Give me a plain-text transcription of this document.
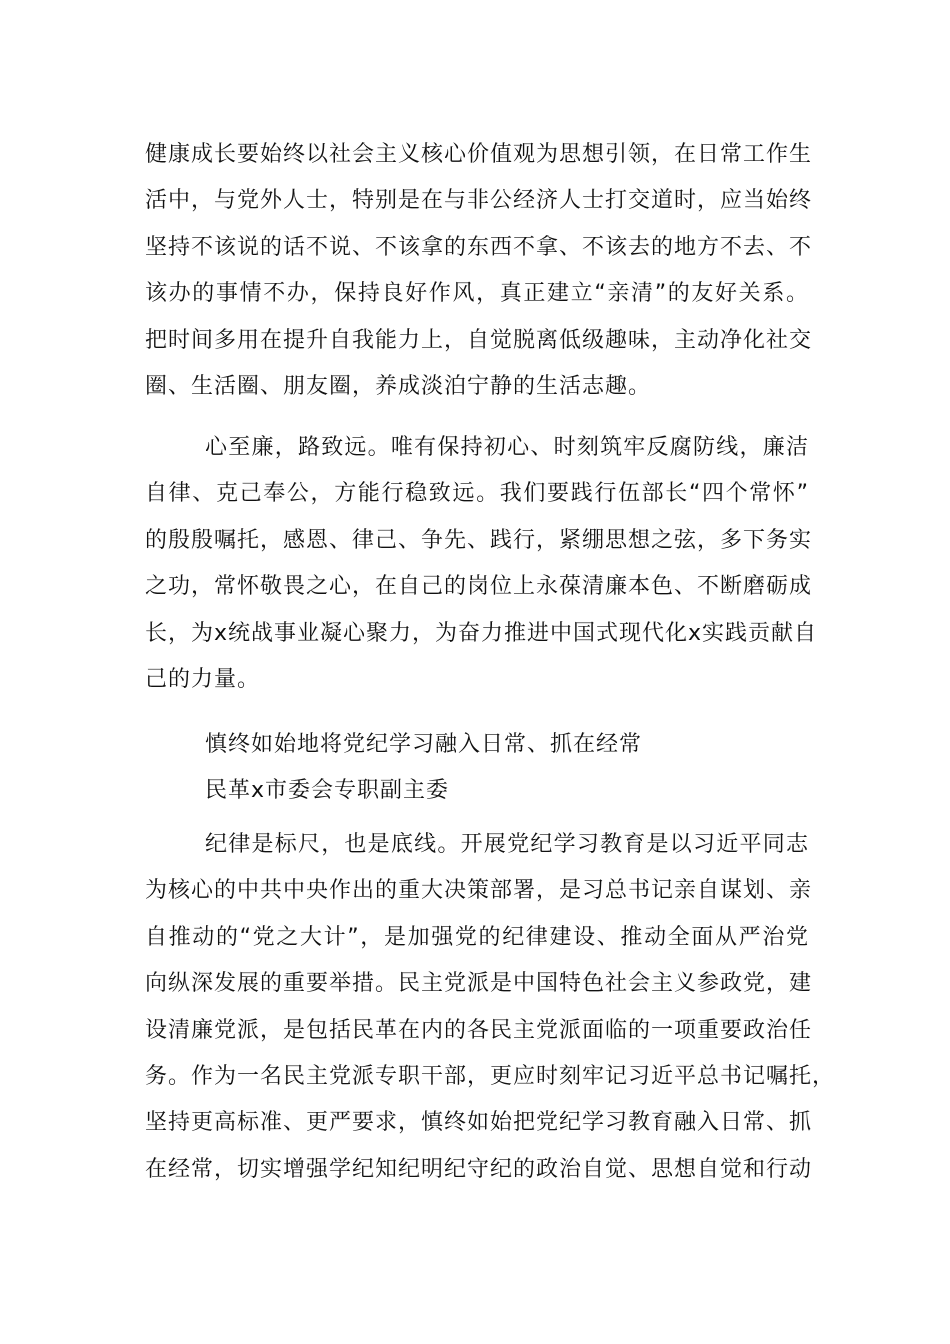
健康成长要始终以社会主义核心价值观为思想引领，在日常工作生
活中，与党外人士，特别是在与非公经济人士打交道时，应当始终
坚持不该说的话不说、不该拿的东西不拿、不该去的地方不去、不
该办的事情不办，保持良好作风，真正建立“亲清”的友好关系。
把时间多用在提升自我能力上，自觉脱离低级趣味，主动净化社交
圈、生活圈、朋友圈，养成淡泊宁静的生活志趣。
心至廉，路致远。唯有保持初心、时刻筑牢反腐防线，廉洁
自律、克己奉公，方能行稳致远。我们要践行伍部长“四个常怀”
的殷殷嘱托，感恩、律己、争先、践行，紧绷思想之弦，多下务实
之功，常怀敬畏之心，在自己的岗位上永葆清廉本色、不断磨砺成
长，为x统战事业凝心聚力，为奋力推进中国式现代化x实践贡献自
己的力量。
慎终如始地将党纪学习融入日常、抓在经常
民革x市委会专职副主委
纪律是标尺，也是底线。开展党纪学习教育是以习近平同志
为核心的中共中央作出的重大决策部署，是习总书记亲自谋划、亲
自推动的“党之大计”，是加强党的纪律建设、推动全面从严治党
向纵深发展的重要举措。民主党派是中国特色社会主义参政党，建
设清廉党派，是包括民革在内的各民主党派面临的一项重要政治任
务。作为一名民主党派专职干部，更应时刻牢记习近平总书记嘱托，
坚持更高标准、更严要求，慎终如始把党纪学习教育融入日常、抓
在经常，切实增强学纪知纪明纪守纪的政治自觉、思想自觉和行动
